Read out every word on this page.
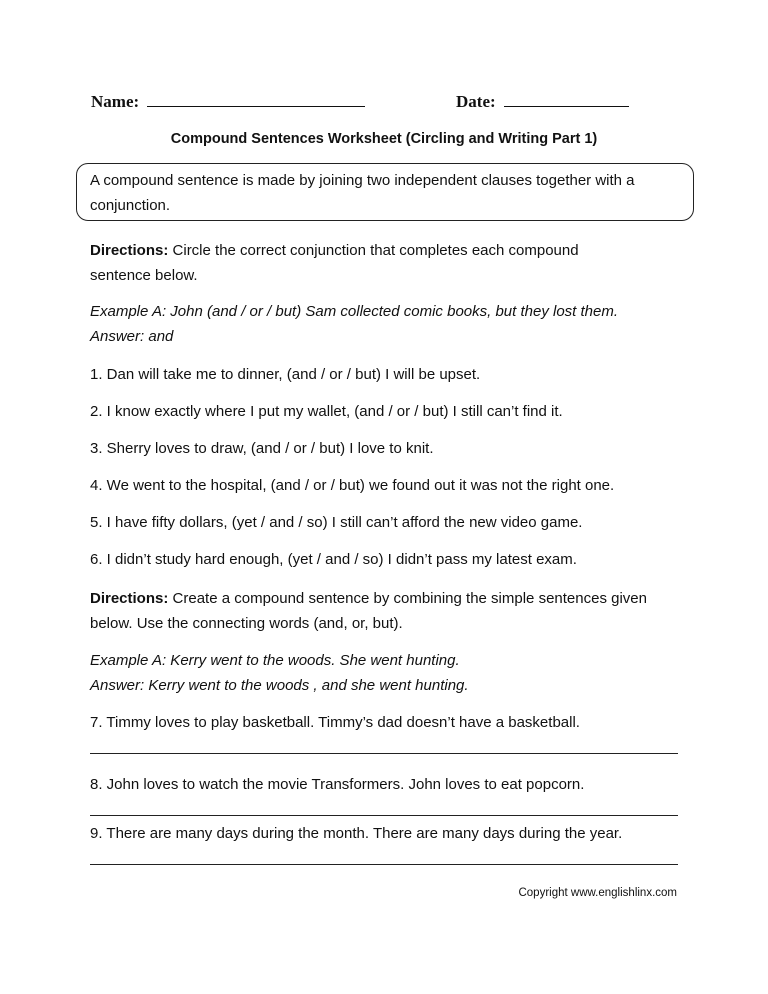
Name:	Date:
Compound Sentences Worksheet (Circling and Writing Part 1)
A compound sentence is made by joining two independent clauses together with a conjunction.
Directions: Circle the correct conjunction that completes each compound sentence below.
Example A: John (and / or / but) Sam collected comic books, but they lost them.
Answer: and
1. Dan will take me to dinner, (and / or / but) I will be upset.
2. I know exactly where I put my wallet, (and / or / but) I still can’t find it.
3. Sherry loves to draw, (and / or / but) I love to knit.
4. We went to the hospital, (and / or / but) we found out it was not the right one.
5. I have fifty dollars, (yet / and / so) I still can’t afford the new video game.
6. I didn’t study hard enough, (yet / and / so) I didn’t pass my latest exam.
Directions: Create a compound sentence by combining the simple sentences given below. Use the connecting words (and, or, but).
Example A: Kerry went to the woods. She went hunting.
Answer: Kerry went to the woods , and she went hunting.
7. Timmy loves to play basketball. Timmy’s dad doesn’t have a basketball.
8. John loves to watch the movie Transformers. John loves to eat popcorn.
9. There are many days during the month. There are many days during the year.
Copyright www.englishlinx.com
